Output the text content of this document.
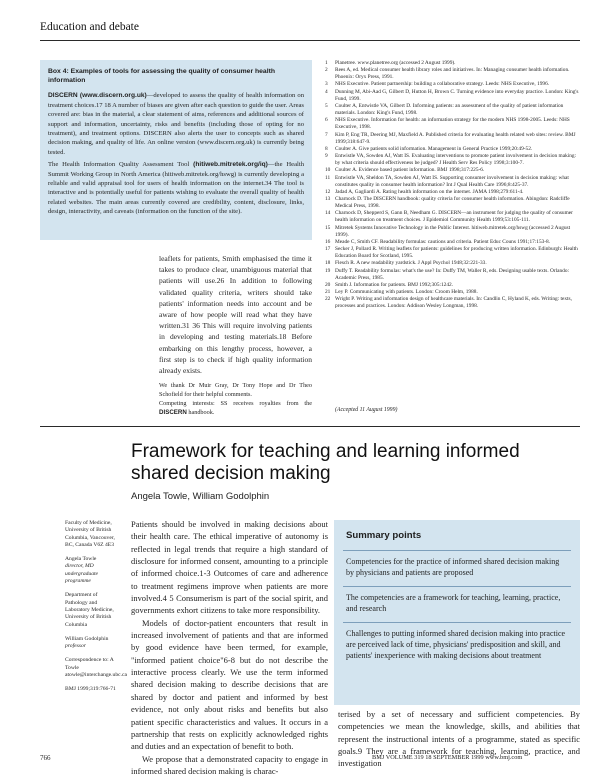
Education and debate
Box 4: Examples of tools for assessing the quality of consumer health information

DISCERN (www.discern.org.uk)—developed to assess the quality of health information on treatment choices.17 18 A number of biases are given after each question to guide the user. Areas covered are: bias in the material, a clear statement of aims, references and additional sources of support and information, uncertainty, risks and benefits (including those of opting for no treatment), and treatment options. DISCERN also alerts the user to concepts such as shared decision making, and quality of life. An online version (www.discern.org.uk) is currently being tested.

The Health Information Quality Assessment Tool (hitiweb.mitretek.org/iq)—the Health Summit Working Group in North America (hitiweb.mitretek.org/hswg) is currently developing a reliable and valid appraisal tool for users of health information on the internet.34 The tool is interactive and is potentially useful for patients wishing to evaluate the overall quality of health related websites. The main areas currently covered are credibility, content, disclosure, links, design, interactivity, and caveats (information on the function of the site).

leaflets for patients, Smith emphasised the time it takes to produce clear, unambiguous material that patients will use.26 In addition to following validated quality criteria, writers should take patients' information needs into account and be aware of how people will read what they have written.31 36 This will require involving patients in developing and testing materials.18 Before embarking on this lengthy process, however, a first step is to check if high quality information already exists.

We thank Dr Muir Gray, Dr Tony Hope and Dr Theo Schofield for their helpful comments.

Competing interests: SS receives royalties from the DISCERN handbook.

1 Planetree. www.planetree.org (accessed 2 August 1999).
2 Rees A, ed. Medical consumer health library roles and initiatives. In: Managing consumer health information. Phoenix: Oryx Press, 1991.
3 NHS Executive. Patient partnership: building a collaborative strategy. Leeds: NHS Executive, 1996.
4 Dunning M, Abi-Aad G, Gilbert D, Hutton H, Brown C. Turning evidence into everyday practice. London: King's Fund, 1999.
5 Coulter A, Entwistle VA, Gilbert D. Informing patients: an assessment of the quality of patient information materials. London: King's Fund, 1998.
6 NHS Executive. Information for health: an information strategy for the modern NHS 1998-2005. Leeds: NHS Executive, 1998.
7 Kim P, Eng TR, Deering MJ, Maxfield A. Published criteria for evaluating health related web sites: review. BMJ 1999;318:647-9.
8 Coulter A. Give patients solid information. Management in General Practice 1999;20:49-52.
9 Entwistle VA, Sowden AJ, Watt IS. Evaluating interventions to promote patient involvement in decision making: by what criteria should effectiveness be judged? J Health Serv Res Policy 1998;3:100-7.
10 Coulter A. Evidence based patient information. BMJ 1998;317:225-6.
11 Entwistle VA, Sheldon TA, Sowden AJ, Watt IS. Supporting consumer involvement in decision making: what constitutes quality in consumer health information? Int J Qual Health Care 1996;8:425-37.
12 Jadad A, Gagliardi A. Rating health information on the internet. JAMA 1998;279:611-4.
13 Charnock D. The DISCERN handbook: quality criteria for consumer health information. Abingdon: Radcliffe Medical Press, 1998.
14 Charnock D, Shepperd S, Gann B, Needham G. DISCERN—an instrument for judging the quality of consumer health information on treatment choices. J Epidemiol Community Health 1999;53:105-111.
15 Mitretek Systems Innovative Technology in the Public Interest. hitiweb.mitretek.org/hswg (accessed 2 August 1999).
16 Meade C, Smith CF. Readability formulas: cautions and criteria. Patient Educ Couns 1991;17:153-8.
17 Secker J, Pollard R. Writing leaflets for patients: guidelines for producing written information. Edinburgh: Health Education Board for Scotland, 1995.
18 Flesch R. A new readability yardstick. J Appl Psychol 1948;32:221-33.
19 Duffy T. Readability formulas: what's the use? In: Duffy TM, Waller R, eds. Designing usable texts. Orlando: Academic Press, 1985.
20 Smith J. Information for patients. BMJ 1992;305:1242.
21 Ley P. Communicating with patients. London: Croom Helm, 1988.
22 Wright P. Writing and information design of healthcare materials. In: Candlin C, Hyland K, eds. Writing: texts, processes and practices. London: Addison Wesley Longman, 1998.
(Accepted 11 August 1999)
Framework for teaching and learning informed shared decision making
Angela Towle, William Godolphin

Faculty of Medicine, University of British Columbia, Vancouver, BC, Canada V6Z 4E3

Angela Towle
director, MD undergraduate programme

Department of Pathology and Laboratory Medicine, University of British Columbia

William Godolphin
professor

Correspondence to: A Towle atowle@interchange.ubc.ca

BMJ 1999;319:766-71

Patients should be involved in making decisions about their health care. The ethical imperative of autonomy is reflected in legal trends that require a high standard of disclosure for informed consent, amounting to a principle of informed choice.1-3 Outcomes of care and adherence to treatment regimens improve when patients are more involved.4 5 Consumerism is part of the social spirit, and governments exhort citizens to take more responsibility.

Models of doctor-patient encounters that result in increased involvement of patients and that are informed by good evidence have been termed, for example, "informed patient choice"6-8 but do not describe the interactive process clearly. We use the term informed shared decision making to describe decisions that are shared by doctor and patient and informed by best evidence, not only about risks and benefits but also patient specific characteristics and values. It occurs in a partnership that rests on explicitly acknowledged rights and duties and an expectation of benefit to both.

We propose that a demonstrated capacity to engage in informed shared decision making is charac-

Summary points

Competencies for the practice of informed shared decision making by physicians and patients are proposed

The competencies are a framework for teaching, learning, practice, and research

Challenges to putting informed shared decision making into practice are perceived lack of time, physicians' predisposition and skill, and patients' inexperience with making decisions about treatment

terised by a set of necessary and sufficient competencies. By competencies we mean the knowledge, skills, and abilities that represent the instructional intents of a programme, stated as specific goals.9 They are a framework for teaching, learning, practice, and investigation

766	BMJ VOLUME 319 18 SEPTEMBER 1999 www.bmj.com
